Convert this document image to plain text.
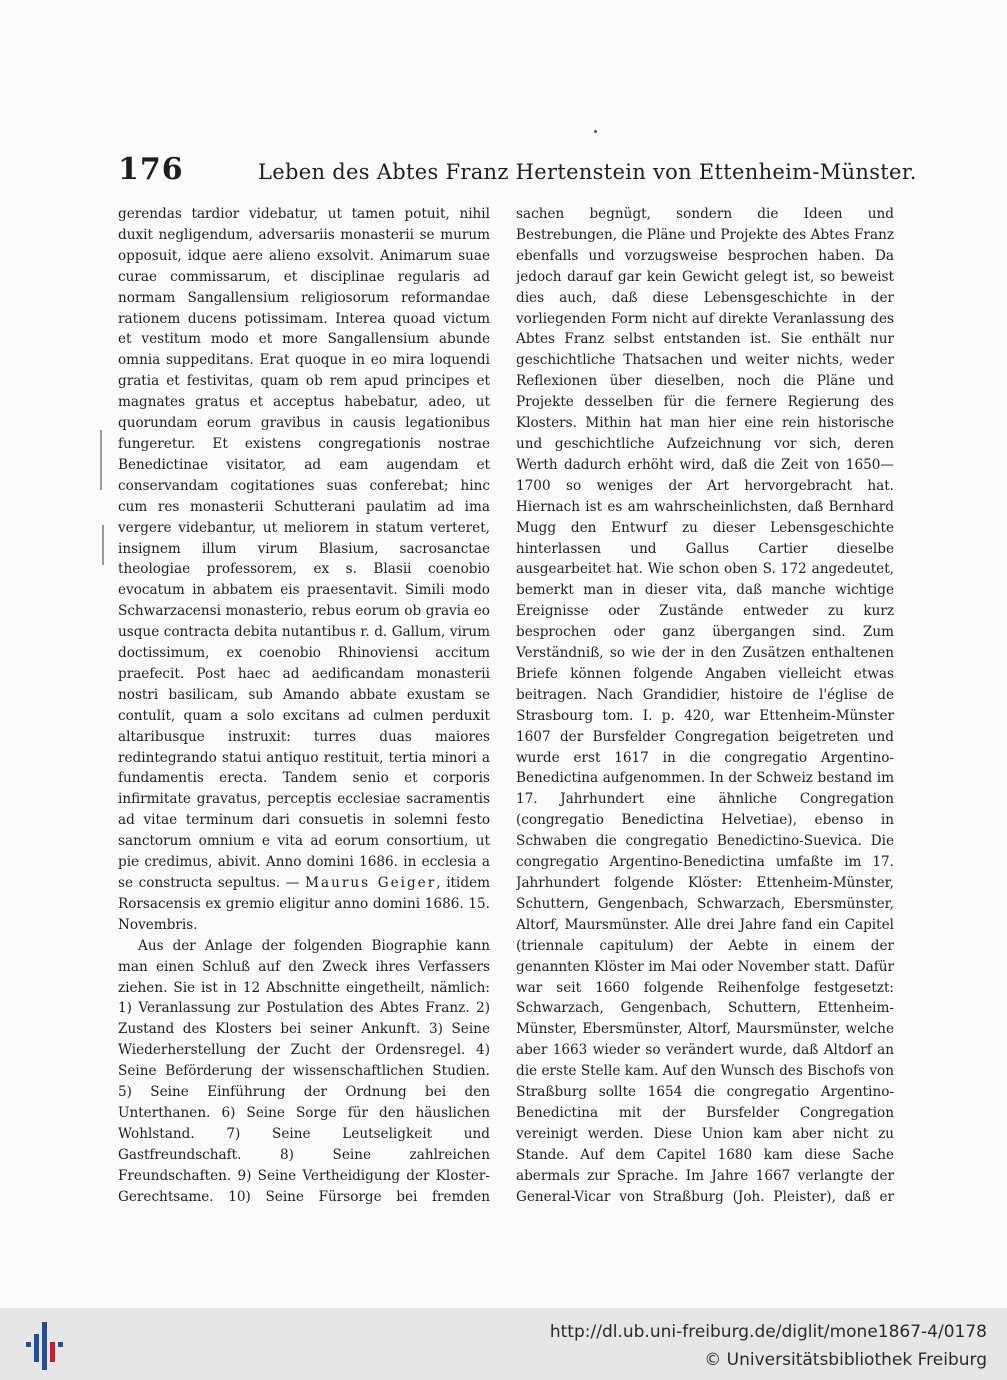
176	Leben des Abtes Franz Hertenstein von Ettenheim-Münster.

gerendas tardior videbatur, ut tamen potuit, nihil duxit negligendum, adversariis monasterii se murum opposuit, idque aere alieno exsolvit. Animarum suae curae commissarum, et disciplinae regularis ad normam Sangallensium religiosorum reformandae rationem ducens potissimam. Interea quoad victum et vestitum modo et more Sangallensium abunde omnia suppeditans. Erat quoque in eo mira loquendi gratia et festivitas, quam ob rem apud principes et magnates gratus et acceptus habebatur, adeo, ut quorundam eorum gravibus in causis legationibus fungeretur. Et existens congregationis nostrae Benedictinae visitator, ad eam augendam et conservandam cogitationes suas conferebat; hinc cum res monasterii Schutterani paulatim ad ima vergere videbantur, ut meliorem in statum verteret, insignem illum virum Blasium, sacrosanctae theologiae professorem, ex s. Blasii coenobio evocatum in abbatem eis praesentavit. Simili modo Schwarzacensi monasterio, rebus eorum ob gravia eo usque contracta debita nutantibus r. d. Gallum, virum doctissimum, ex coenobio Rhinoviensi accitum praefecit. Post haec ad aedificandam monasterii nostri basilicam, sub Amando abbate exustam se contulit, quam a solo excitans ad culmen perduxit altaribusque instruxit: turres duas maiores redintegrando statui antiquo restituit, tertia minori a fundamentis erecta. Tandem senio et corporis infirmitate gravatus, perceptis ecclesiae sacramentis ad vitae terminum dari consuetis in solemni festo sanctorum omnium e vita ad eorum consortium, ut pie credimus, abivit. Anno domini 1686. in ecclesia a se constructa sepultus. — Maurus Geiger, itidem Rorsacensis ex gremio eligitur anno domini 1686. 15. Novembris.

Aus der Anlage der folgenden Biographie kann man einen Schluß auf den Zweck ihres Verfassers ziehen. Sie ist in 12 Abschnitte eingetheilt, nämlich: 1) Veranlassung zur Postulation des Abtes Franz. 2) Zustand des Klosters bei seiner Ankunft. 3) Seine Wiederherstellung der Zucht der Ordensregel. 4) Seine Beförderung der wissenschaftlichen Studien. 5) Seine Einführung der Ordnung bei den Unterthanen. 6) Seine Sorge für den häuslichen Wohlstand. 7) Seine Leutseligkeit und Gastfreundschaft. 8) Seine zahlreichen Freundschaften. 9) Seine Vertheidigung der Kloster-Gerechtsame. 10) Seine Fürsorge bei fremden

sachen begnügt, sondern die Ideen und Bestrebungen, die Pläne und Projekte des Abtes Franz ebenfalls und vorzugsweise besprochen haben. Da jedoch darauf gar kein Gewicht gelegt ist, so beweist dies auch, daß diese Lebensgeschichte in der vorliegenden Form nicht auf direkte Veranlassung des Abtes Franz selbst entstanden ist. Sie enthält nur geschichtliche Thatsachen und weiter nichts, weder Reflexionen über dieselben, noch die Pläne und Projekte desselben für die fernere Regierung des Klosters. Mithin hat man hier eine rein historische und geschichtliche Aufzeichnung vor sich, deren Werth dadurch erhöht wird, daß die Zeit von 1650—1700 so weniges der Art hervorgebracht hat. Hiernach ist es am wahrscheinlichsten, daß Bernhard Mugg den Entwurf zu dieser Lebensgeschichte hinterlassen und Gallus Cartier dieselbe ausgearbeitet hat. Wie schon oben S. 172 angedeutet, bemerkt man in dieser vita, daß manche wichtige Ereignisse oder Zustände entweder zu kurz besprochen oder ganz übergangen sind. Zum Verständniß, so wie der in den Zusätzen enthaltenen Briefe können folgende Angaben vielleicht etwas beitragen. Nach Grandidier, histoire de l'église de Strasbourg tom. I. p. 420, war Ettenheim-Münster 1607 der Bursfelder Congregation beigetreten und wurde erst 1617 in die congregatio Argentino-Benedictina aufgenommen. In der Schweiz bestand im 17. Jahrhundert eine ähnliche Congregation (congregatio Benedictina Helvetiae), ebenso in Schwaben die congregatio Benedictino-Suevica. Die congregatio Argentino-Benedictina umfaßte im 17. Jahrhundert folgende Klöster: Ettenheim-Münster, Schuttern, Gengenbach, Schwarzach, Ebersmünster, Altorf, Maursmünster. Alle drei Jahre fand ein Capitel (triennale capitulum) der Aebte in einem der genannten Klöster im Mai oder November statt. Dafür war seit 1660 folgende Reihenfolge festgesetzt: Schwarzach, Gengenbach, Schuttern, Ettenheim-Münster, Ebersmünster, Altorf, Maursmünster, welche aber 1663 wieder so verändert wurde, daß Altdorf an die erste Stelle kam. Auf den Wunsch des Bischofs von Straßburg sollte 1654 die congregatio Argentino-Benedictina mit der Bursfelder Congregation vereinigt werden. Diese Union kam aber nicht zu Stande. Auf dem Capitel 1680 kam diese Sache abermals zur Sprache. Im Jahre 1667 verlangte der General-Vicar von Straßburg (Joh. Pleister), daß er

http://dl.ub.uni-freiburg.de/diglit/mone1867-4/0178
© Universitätsbibliothek Freiburg
